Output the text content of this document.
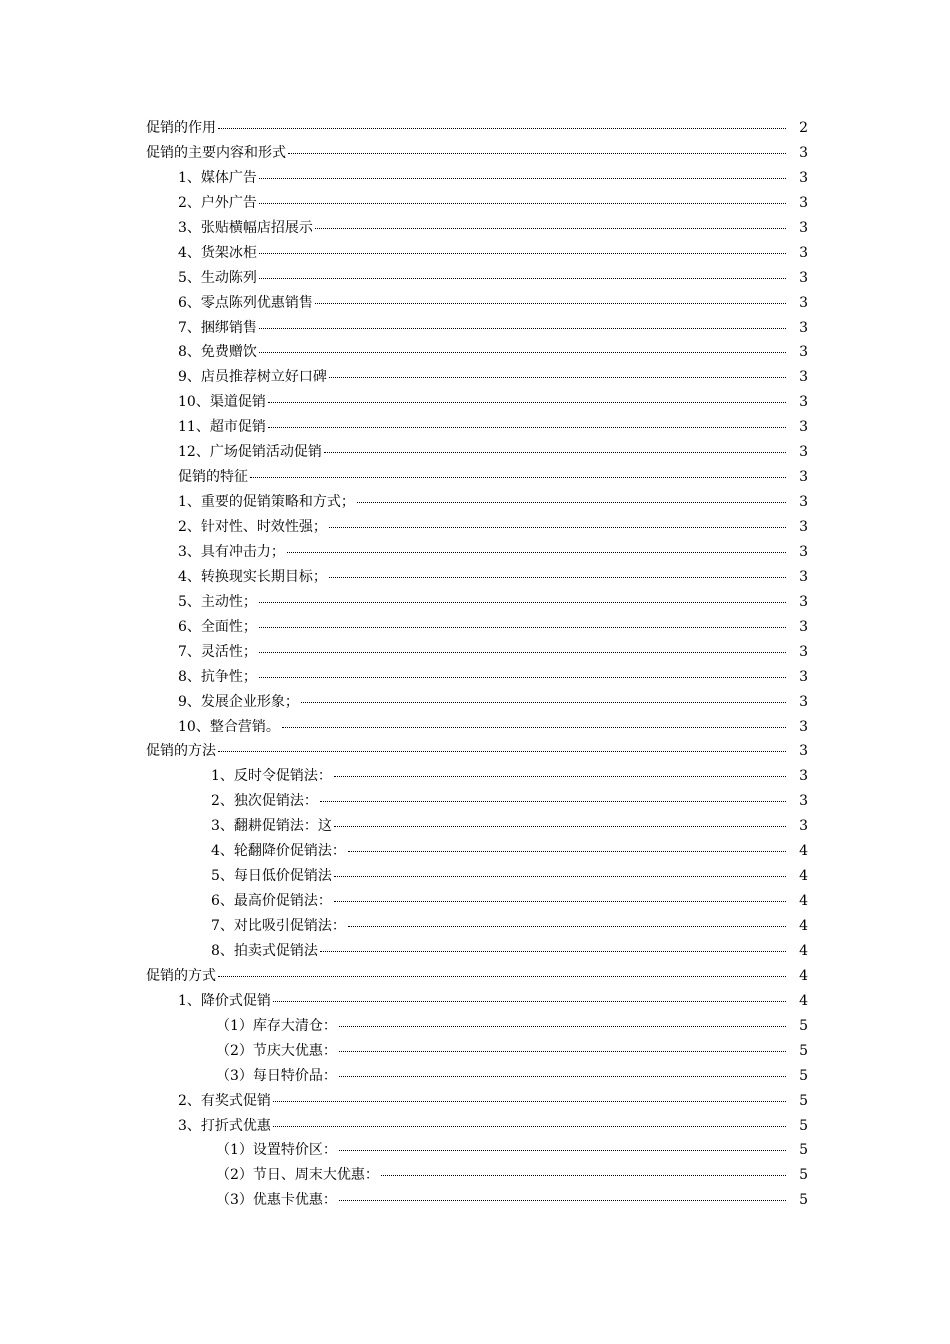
促销的作用	2
促销的主要内容和形式	3
1、媒体广告	3
2、户外广告	3
3、张贴横幅店招展示	3
4、货架冰柜	3
5、生动陈列	3
6、零点陈列优惠销售	3
7、捆绑销售	3
8、免费赠饮	3
9、店员推荐树立好口碑	3
10、渠道促销	3
11、超市促销	3
12、广场促销活动促销	3
促销的特征	3
1、重要的促销策略和方式；	3
2、针对性、时效性强；	3
3、具有冲击力；	3
4、转换现实长期目标；	3
5、主动性；	3
6、全面性；	3
7、灵活性；	3
8、抗争性；	3
9、发展企业形象；	3
10、整合营销。	3
促销的方法	3
1、反时令促销法：	3
2、独次促销法：	3
3、翻耕促销法：这	3
4、轮翻降价促销法：	4
5、每日低价促销法	4
6、最高价促销法：	4
7、对比吸引促销法：	4
8、拍卖式促销法	4
促销的方式	4
1、降价式促销	4
（1）库存大清仓：	5
（2）节庆大优惠：	5
（3）每日特价品：	5
2、有奖式促销	5
3、打折式优惠	5
（1）设置特价区：	5
（2）节日、周末大优惠：	5
（3）优惠卡优惠：	5
